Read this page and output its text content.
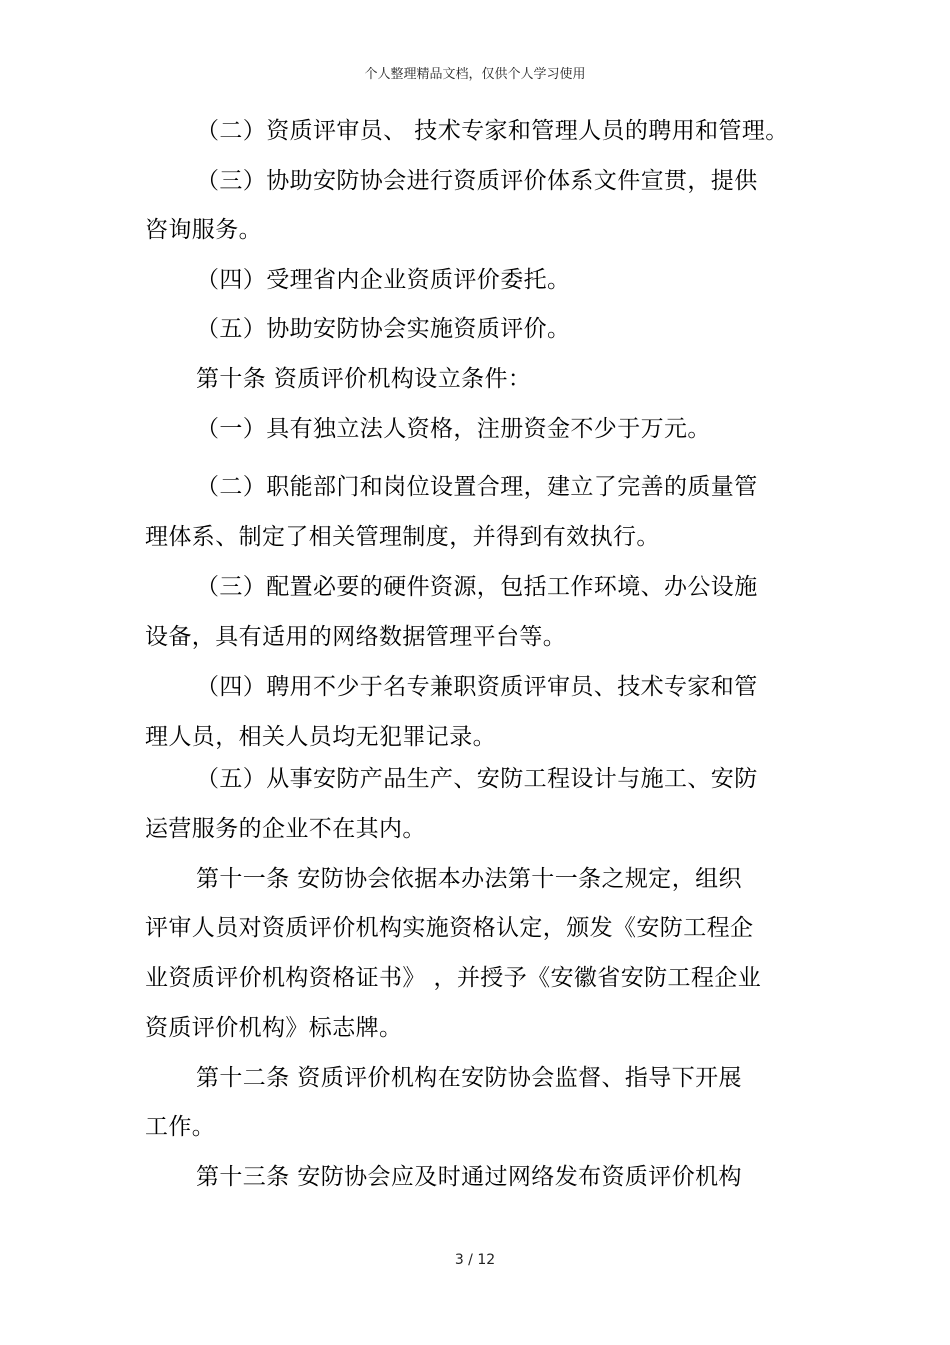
个人整理精品文档，仅供个人学习使用
（二）资质评审员、 技术专家和管理人员的聘用和管理。
（三）协助安防协会进行资质评价体系文件宣贯，提供
咨询服务。
（四）受理省内企业资质评价委托。
（五）协助安防协会实施资质评价。
第十条 资质评价机构设立条件：
（一）具有独立法人资格，注册资金不少于万元。
（二）职能部门和岗位设置合理，建立了完善的质量管
理体系、制定了相关管理制度，并得到有效执行。
（三）配置必要的硬件资源，包括工作环境、办公设施
设备，具有适用的网络数据管理平台等。
（四）聘用不少于名专兼职资质评审员、技术专家和管
理人员，相关人员均无犯罪记录。
（五）从事安防产品生产、安防工程设计与施工、安防
运营服务的企业不在其内。
第十一条 安防协会依据本办法第十一条之规定，组织
评审人员对资质评价机构实施资格认定，颁发《安防工程企
业资质评价机构资格证书》 ，并授予《安徽省安防工程企业
资质评价机构》标志牌。
第十二条 资质评价机构在安防协会监督、指导下开展
工作。
第十三条 安防协会应及时通过网络发布资质评价机构
3 / 12
